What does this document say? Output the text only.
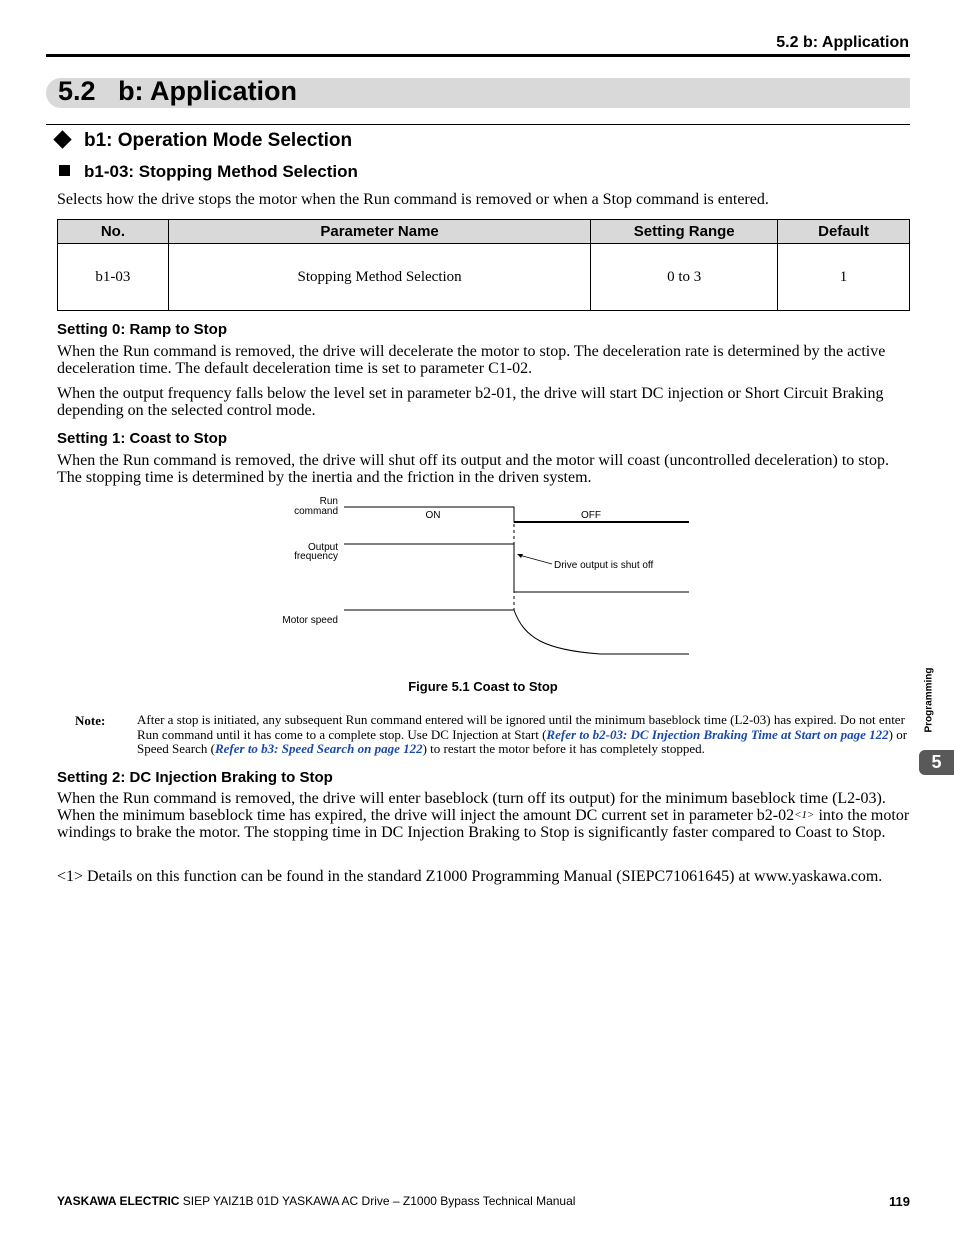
5.2 b: Application
5.2 b: Application
b1: Operation Mode Selection
b1-03: Stopping Method Selection
Selects how the drive stops the motor when the Run command is removed or when a Stop command is entered.
No.	Parameter Name	Setting Range	Default
b1-03	Stopping Method Selection	0 to 3	1
Setting 0: Ramp to Stop
When the Run command is removed, the drive will decelerate the motor to stop. The deceleration rate is determined by the active deceleration time. The default deceleration time is set to parameter C1-02.
When the output frequency falls below the level set in parameter b2-01, the drive will start DC injection or Short Circuit Braking depending on the selected control mode.
Setting 1: Coast to Stop
When the Run command is removed, the drive will shut off its output and the motor will coast (uncontrolled deceleration) to stop. The stopping time is determined by the inertia and the friction in the driven system.
Run
command	ON	OFF
Output
frequency
Drive output is shut off
Motor speed
Figure 5.1 Coast to Stop
Note: After a stop is initiated, any subsequent Run command entered will be ignored until the minimum baseblock time (L2-03) has expired. Do not enter Run command until it has come to a complete stop. Use DC Injection at Start (Refer to b2-03: DC Injection Braking Time at Start on page 122) or Speed Search (Refer to b3: Speed Search on page 122) to restart the motor before it has completely stopped.
Setting 2: DC Injection Braking to Stop
When the Run command is removed, the drive will enter baseblock (turn off its output) for the minimum baseblock time (L2-03). When the minimum baseblock time has expired, the drive will inject the amount DC current set in parameter b2-02<1> into the motor windings to brake the motor. The stopping time in DC Injection Braking to Stop is significantly faster compared to Coast to Stop.
<1> Details on this function can be found in the standard Z1000 Programming Manual (SIEPC71061645) at www.yaskawa.com.
YASKAWA ELECTRIC SIEP YAIZ1B 01D YASKAWA AC Drive – Z1000 Bypass Technical Manual	119
Programming
5
